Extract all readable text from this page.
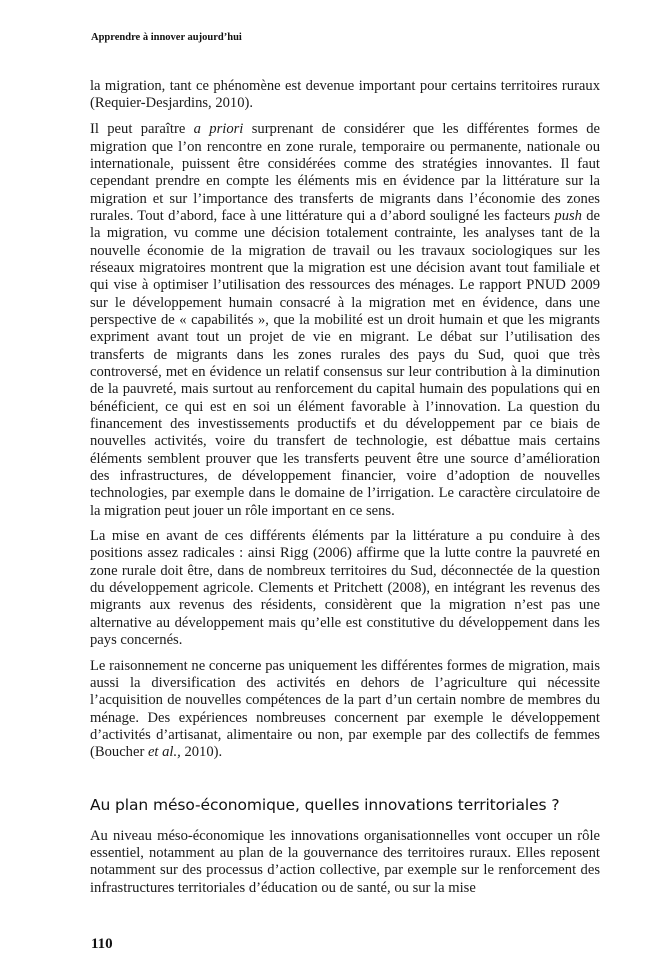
Apprendre à innover aujourd’hui

la migration, tant ce phénomène est devenue important pour certains territoires ruraux (Requier-Desjardins, 2010).

Il peut paraître a priori surprenant de considérer que les différentes formes de migration que l’on rencontre en zone rurale, temporaire ou permanente, nationale ou internationale, puissent être considérées comme des stratégies innovantes. Il faut cependant prendre en compte les éléments mis en évidence par la littérature sur la migration et sur l’importance des transferts de migrants dans l’économie des zones rurales. Tout d’abord, face à une littérature qui a d’abord souligné les facteurs push de la migration, vu comme une décision totalement contrainte, les analyses tant de la nouvelle économie de la migration de travail ou les travaux sociologiques sur les réseaux migratoires montrent que la migration est une décision avant tout familiale et qui vise à optimiser l’utilisation des ressources des ménages. Le rapport PNUD 2009 sur le développement humain consacré à la migration met en évidence, dans une perspective de « capabilités », que la mobilité est un droit humain et que les migrants expriment avant tout un projet de vie en migrant. Le débat sur l’utilisation des transferts de migrants dans les zones rurales des pays du Sud, quoi que très controversé, met en évidence un relatif consensus sur leur contribution à la diminution de la pauvreté, mais surtout au renforcement du capital humain des populations qui en bénéficient, ce qui est en soi un élément favorable à l’innovation. La question du financement des investissements productifs et du développement par ce biais de nouvelles activités, voire du transfert de technologie, est débattue mais certains éléments semblent prouver que les transferts peuvent être une source d’amélioration des infrastructures, de développement financier, voire d’adoption de nouvelles technologies, par exemple dans le domaine de l’irrigation. Le caractère circulatoire de la migration peut jouer un rôle important en ce sens.

La mise en avant de ces différents éléments par la littérature a pu conduire à des positions assez radicales : ainsi Rigg (2006) affirme que la lutte contre la pauvreté en zone rurale doit être, dans de nombreux territoires du Sud, déconnectée de la question du développement agricole. Clements et Pritchett (2008), en intégrant les revenus des migrants aux revenus des résidents, considèrent que la migration n’est pas une alternative au développement mais qu’elle est constitutive du développement dans les pays concernés.

Le raisonnement ne concerne pas uniquement les différentes formes de migration, mais aussi la diversification des activités en dehors de l’agriculture qui nécessite l’acquisition de nouvelles compétences de la part d’un certain nombre de membres du ménage. Des expériences nombreuses concernent par exemple le développement d’activités d’artisanat, alimentaire ou non, par exemple par des collectifs de femmes (Boucher et al., 2010).

Au plan méso-économique, quelles innovations territoriales ?

Au niveau méso-économique les innovations organisationnelles vont occuper un rôle essentiel, notamment au plan de la gouvernance des territoires ruraux. Elles reposent notamment sur des processus d’action collective, par exemple sur le renforcement des infrastructures territoriales d’éducation ou de santé, ou sur la mise

110
